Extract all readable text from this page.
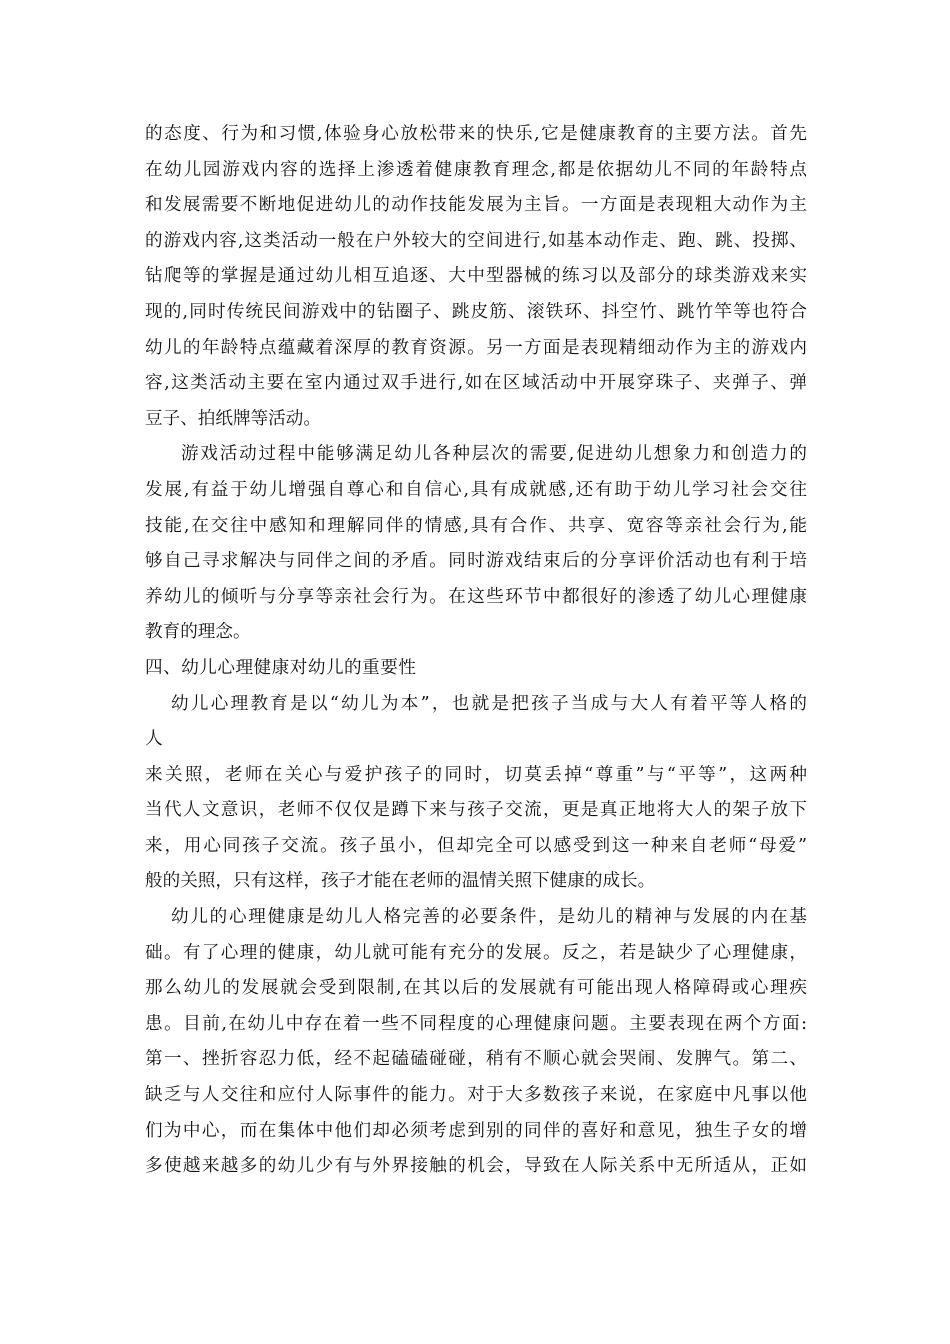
的态度、行为和习惯,体验身心放松带来的快乐,它是健康教育的主要方法。首先
在幼儿园游戏内容的选择上渗透着健康教育理念,都是依据幼儿不同的年龄特点
和发展需要不断地促进幼儿的动作技能发展为主旨。一方面是表现粗大动作为主
的游戏内容,这类活动一般在户外较大的空间进行,如基本动作走、跑、跳、投掷、
钻爬等的掌握是通过幼儿相互追逐、大中型器械的练习以及部分的球类游戏来实
现的,同时传统民间游戏中的钻圈子、跳皮筋、滚铁环、抖空竹、跳竹竿等也符合
幼儿的年龄特点蕴藏着深厚的教育资源。另一方面是表现精细动作为主的游戏内
容,这类活动主要在室内通过双手进行,如在区域活动中开展穿珠子、夹弹子、弹
豆子、拍纸牌等活动。
游戏活动过程中能够满足幼儿各种层次的需要,促进幼儿想象力和创造力的
发展,有益于幼儿增强自尊心和自信心,具有成就感,还有助于幼儿学习社会交往
技能,在交往中感知和理解同伴的情感,具有合作、共享、宽容等亲社会行为,能
够自己寻求解决与同伴之间的矛盾。同时游戏结束后的分享评价活动也有利于培
养幼儿的倾听与分享等亲社会行为。在这些环节中都很好的渗透了幼儿心理健康
教育的理念。
四、幼儿心理健康对幼儿的重要性
幼儿心理教育是以“幼儿为本”，也就是把孩子当成与大人有着平等人格的
人
来关照，老师在关心与爱护孩子的同时，切莫丢掉“尊重”与“平等”，这两种
当代人文意识，老师不仅仅是蹲下来与孩子交流，更是真正地将大人的架子放下
来，用心同孩子交流。孩子虽小，但却完全可以感受到这一种来自老师“母爱”
般的关照，只有这样，孩子才能在老师的温情关照下健康的成长。
幼儿的心理健康是幼儿人格完善的必要条件，是幼儿的精神与发展的内在基
础。有了心理的健康，幼儿就可能有充分的发展。反之，若是缺少了心理健康，
那么幼儿的发展就会受到限制,在其以后的发展就有可能出现人格障碍或心理疾
患。目前,在幼儿中存在着一些不同程度的心理健康问题。主要表现在两个方面:
第一、挫折容忍力低，经不起磕磕碰碰，稍有不顺心就会哭闹、发脾气。第二、
缺乏与人交往和应付人际事件的能力。对于大多数孩子来说，在家庭中凡事以他
们为中心，而在集体中他们却必须考虑到别的同伴的喜好和意见，独生子女的增
多使越来越多的幼儿少有与外界接触的机会，导致在人际关系中无所适从，正如
